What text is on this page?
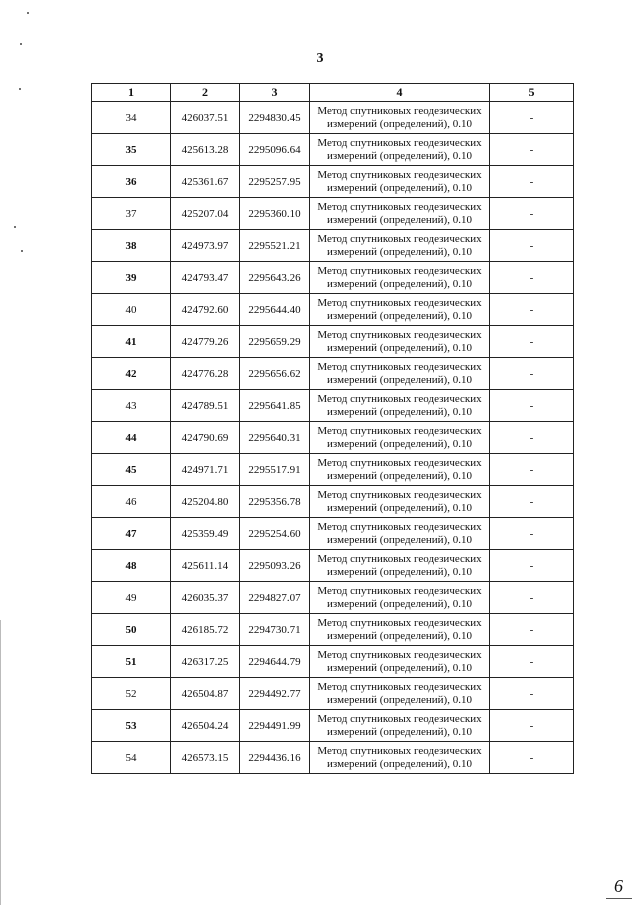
3
1	2	3	4	5
34	426037.51	2294830.45	Метод спутниковых геодезических
измерений (определений), 0.10	-
35	425613.28	2295096.64	Метод спутниковых геодезических
измерений (определений), 0.10	-
36	425361.67	2295257.95	Метод спутниковых геодезических
измерений (определений), 0.10	-
37	425207.04	2295360.10	Метод спутниковых геодезических
измерений (определений), 0.10	-
38	424973.97	2295521.21	Метод спутниковых геодезических
измерений (определений), 0.10	-
39	424793.47	2295643.26	Метод спутниковых геодезических
измерений (определений), 0.10	-
40	424792.60	2295644.40	Метод спутниковых геодезических
измерений (определений), 0.10	-
41	424779.26	2295659.29	Метод спутниковых геодезических
измерений (определений), 0.10	-
42	424776.28	2295656.62	Метод спутниковых геодезических
измерений (определений), 0.10	-
43	424789.51	2295641.85	Метод спутниковых геодезических
измерений (определений), 0.10	-
44	424790.69	2295640.31	Метод спутниковых геодезических
измерений (определений), 0.10	-
45	424971.71	2295517.91	Метод спутниковых геодезических
измерений (определений), 0.10	-
46	425204.80	2295356.78	Метод спутниковых геодезических
измерений (определений), 0.10	-
47	425359.49	2295254.60	Метод спутниковых геодезических
измерений (определений), 0.10	-
48	425611.14	2295093.26	Метод спутниковых геодезических
измерений (определений), 0.10	-
49	426035.37	2294827.07	Метод спутниковых геодезических
измерений (определений), 0.10	-
50	426185.72	2294730.71	Метод спутниковых геодезических
измерений (определений), 0.10	-
51	426317.25	2294644.79	Метод спутниковых геодезических
измерений (определений), 0.10	-
52	426504.87	2294492.77	Метод спутниковых геодезических
измерений (определений), 0.10	-
53	426504.24	2294491.99	Метод спутниковых геодезических
измерений (определений), 0.10	-
54	426573.15	2294436.16	Метод спутниковых геодезических
измерений (определений), 0.10	-
6
